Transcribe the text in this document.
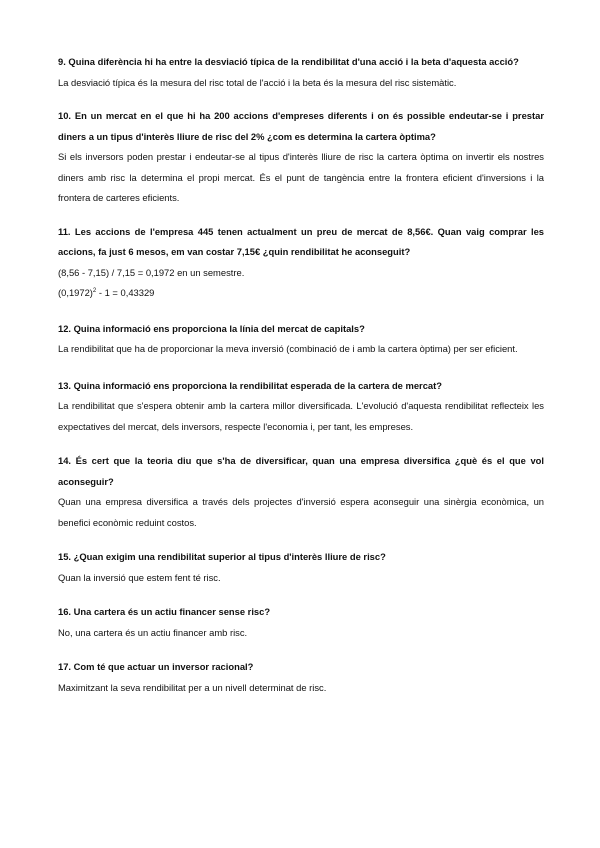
9. Quina diferència hi ha entre la desviació típica de la rendibilitat d'una acció i la beta d'aquesta acció?

La desviació típica és la mesura del risc total de l'acció i la beta és la mesura del risc sistemàtic.

10. En un mercat en el que hi ha 200 accions d'empreses diferents i on és possible endeutar-se i prestar diners a un tipus d'interès lliure de risc del 2% ¿com es determina la cartera òptima?

Si els inversors poden prestar i endeutar-se al tipus d'interès lliure de risc la cartera òptima on invertir els nostres diners amb risc la determina el propi mercat. És el punt de tangència entre la frontera eficient d'inversions i la frontera de carteres eficients.

11. Les accions de l'empresa 445 tenen actualment un preu de mercat de 8,56€. Quan vaig comprar les accions, fa just 6 mesos, em van costar 7,15€ ¿quin rendibilitat he aconseguit?

(8,56 - 7,15) / 7,15 = 0,1972 en un semestre.

$(0,1972)^2 - 1 = 0,43329$

12. Quina informació ens proporciona la línia del mercat de capitals?

La rendibilitat que ha de proporcionar la meva inversió (combinació de i amb la cartera òptima) per ser eficient.

13. Quina informació ens proporciona la rendibilitat esperada de la cartera de mercat?

La rendibilitat que s'espera obtenir amb la cartera millor diversificada. L'evolució d'aquesta rendibilitat reflecteix les expectatives del mercat, dels inversors, respecte l'economia i, per tant, les empreses.

14. És cert que la teoria diu que s'ha de diversificar, quan una empresa diversifica ¿què és el que vol aconseguir?

Quan una empresa diversifica a través dels projectes d'inversió espera aconseguir una sinèrgia econòmica, un benefici econòmic reduint costos.

15. ¿Quan exigim una rendibilitat superior al tipus d'interès lliure de risc?

Quan la inversió que estem fent té risc.

16. Una cartera és un actiu financer sense risc?

No, una cartera és un actiu financer amb risc.

17. Com té que actuar un inversor racional?

Maximitzant la seva rendibilitat per a un nivell determinat de risc.
